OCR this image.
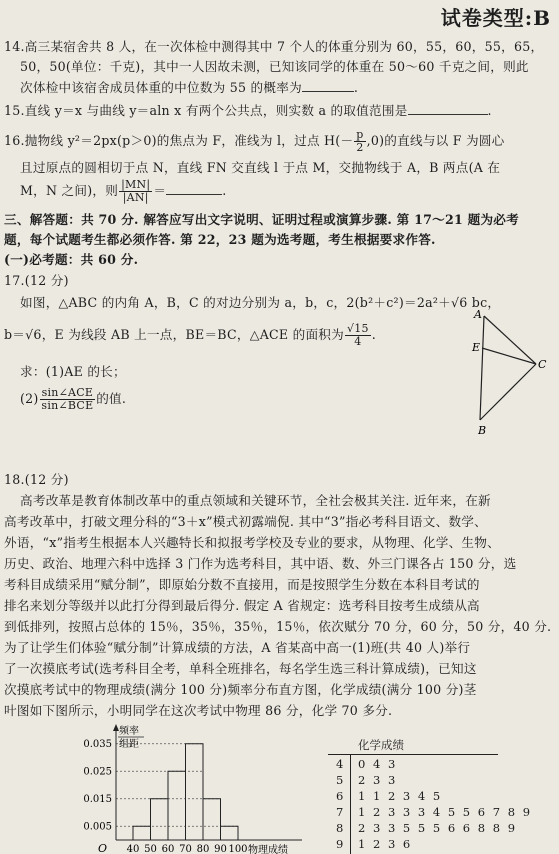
试卷类型:B
14.高三某宿舍共 8 人，在一次体检中测得其中 7 个人的体重分别为 60，55，60，55，65，
50，50(单位：千克)，其中一人因故未测，已知该同学的体重在 50～60 千克之间，则此
次体检中该宿舍成员体重的中位数为 55 的概率为	.
15.直线 y＝x 与曲线 y＝aln x 有两个公共点，则实数 a 的取值范围是	.
16.抛物线 y²＝2px(p＞0)的焦点为 F，准线为 l，过点 $H(- \frac{p}{2} ,0)$的直线与以 F 为圆心
且过原点的圆相切于点 N，直线 FN 交直线 l 于点 M，交抛物线于 A，B 两点(A 在
M，N 之间)，则 $\frac{|MN|}{|AN|}$ ＝	.
三、解答题：共 70 分. 解答应写出文字说明、证明过程或演算步骤. 第 17～21 题为必考
题，每个试题考生都必须作答. 第 22，23 题为选考题，考生根据要求作答.
(一)必考题：共 60 分.
17.(12 分)
如图，△ABC 的内角 A，B，C 的对边分别为 a，b，c，2(b²＋c²)＝2a²＋√6 bc，
b＝√6，E 为线段 AB 上一点，BE＝BC，△ACE 的面积为 $\frac{√15}{4}$ .
求：(1)AE 的长；
$(2) \frac{\text{sin∠ACE}}{\text{sin∠BCE}}$ 的值.
A
E
C
B
18.(12 分)
高考改革是教育体制改革中的重点领域和关键环节，全社会极其关注. 近年来，在新
高考改革中，打破文理分科的“3＋x”模式初露端倪. 其中“3”指必考科目语文、数学、
外语，“x”指考生根据本人兴趣特长和拟报考学校及专业的要求，从物理、化学、生物、
历史、政治、地理六科中选择 3 门作为选考科目，其中语、数、外三门课各占 150 分，选
考科目成绩采用“赋分制”，即原始分数不直接用，而是按照学生分数在本科目考试的
排名来划分等级并以此打分得到最后得分. 假定 A 省规定：选考科目按考生成绩从高
到低排列，按照占总体的 15％，35％，35％，15％，依次赋分 70 分，60 分，50 分，40 分.
为了让学生们体验“赋分制”计算成绩的方法，A 省某高中高一(1)班(共 40 人)举行
了一次摸底考试(选考科目全考，单科全班排名，每名学生选三科计算成绩)，已知这
次摸底考试中的物理成绩(满分 100 分)频率分布直方图，化学成绩(满分 100 分)茎
叶图如下图所示，小明同学在这次考试中物理 86 分，化学 70 多分.
频率
组距
O
0.035
0.025
0.015
0.005
40 50 60 70 80 90 100 物理成绩
化学成绩
4 0 4 3
5 2 3 3
6 1 1 2 3 4 5
7 1 2 3 3 3 4 5 5 6 7 8 9
8 2 3 3 5 5 5 6 6 8 8 9
9 1 2 3 6
